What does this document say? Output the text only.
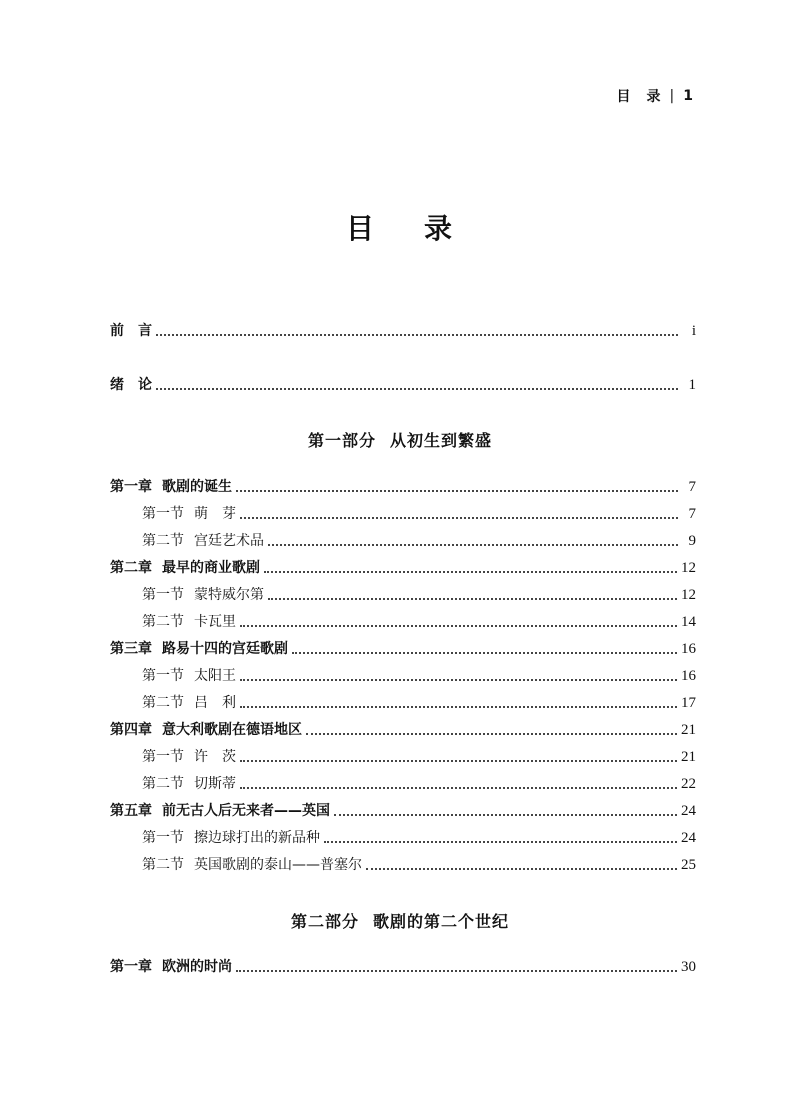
目　录 | 1
目 录
前　言	i
绪　论	1
第一部分 从初生到繁盛
第一章 歌剧的诞生	7
第一节 萌　芽	7
第二节 宫廷艺术品	9
第二章 最早的商业歌剧	12
第一节 蒙特威尔第	12
第二节 卡瓦里	14
第三章 路易十四的宫廷歌剧	16
第一节 太阳王	16
第二节 吕　利	17
第四章 意大利歌剧在德语地区	21
第一节 许　茨	21
第二节 切斯蒂	22
第五章 前无古人后无来者——英国	24
第一节 擦边球打出的新品种	24
第二节 英国歌剧的泰山——普塞尔	25
第二部分 歌剧的第二个世纪
第一章 欧洲的时尚	30
